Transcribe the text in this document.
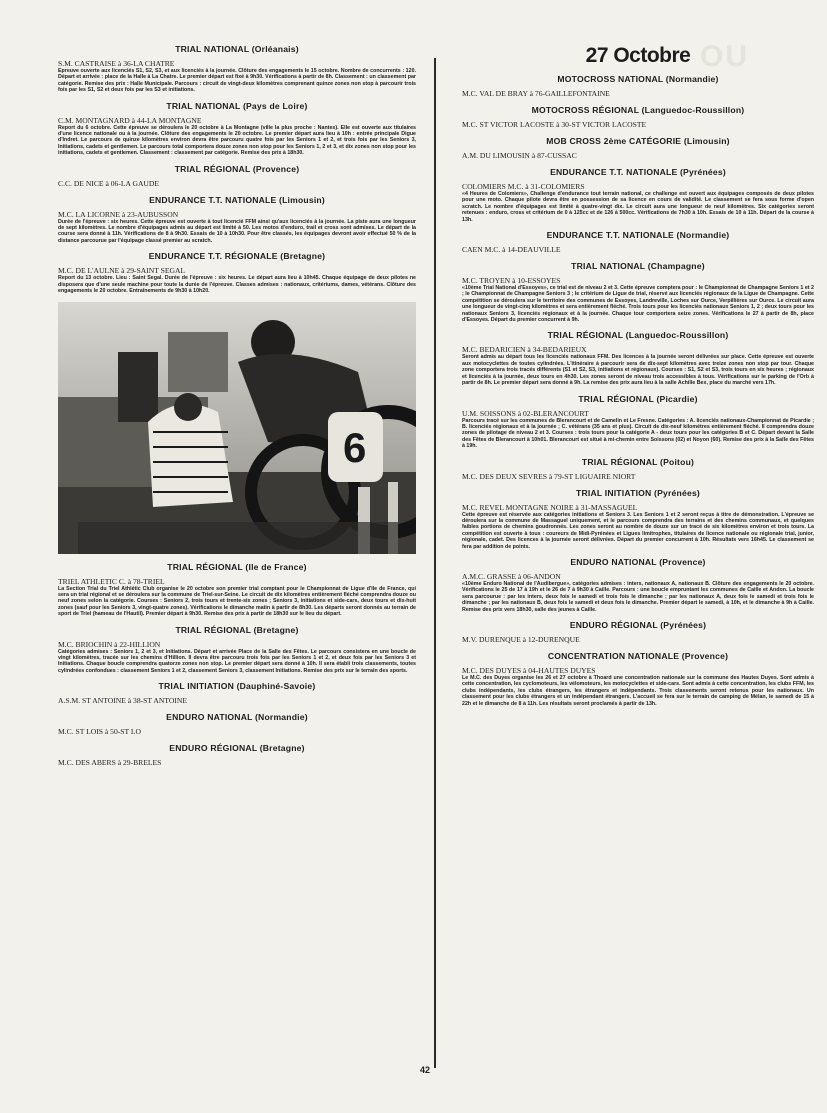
OU
TRIAL NATIONAL (Orléanais)
S.M. CASTRAISE à 36-LA CHATRE
Epreuve ouverte aux licenciés S1, S2, S3, et aux licenciés à la journée. Clôture des engagements le 15 octobre. Nombre de concurrents : 120. Départ et arrivée : place de la Halle à La Chatre. Le premier départ est fixé à 9h30. Vérifications à partir de 8h. Classement : un classement par catégorie. Remise des prix : Halle Municipale. Parcours : circuit de vingt-deux kilomètres comprenant quinze zones non stop à parcourir trois fois par les S1, S2 et deux fois par les S3 et initiations.
TRIAL NATIONAL (Pays de Loire)
C.M. MONTAGNARD à 44-LA MONTAGNE
Report du 6 octobre. Cette épreuve se déroulera le 20 octobre à La Montagne (ville la plus proche : Nantes). Elle est ouverte aux titulaires d'une licence nationale ou à la journée. Clôture des engagements le 20 octobre. Le premier départ aura lieu à 10h : entrée principale Digue d'Indret. Le parcours de quinze kilomètres environ devra être parcouru quatre fois par les Seniors 1 et 2, et trois fois par les Seniors 3, Initiations, cadets et gentlemen. Le parcours total comportera douze zones non stop pour les Seniors 1, 2 et 3, et dix zones non stop pour les initiations, cadets et gentlemen. Classement : classement par catégorie. Remise des prix à 18h30.
TRIAL RÉGIONAL (Provence)
C.C. DE NICE à 06-LA GAUDE
ENDURANCE T.T. NATIONALE (Limousin)
M.C. LA LICORNE à 23-AUBUSSON
Durée de l'épreuve : six heures. Cette épreuve est ouverte à tout licencié FFM ainsi qu'aux licenciés à la journée. La piste aura une longueur de sept kilomètres. Le nombre d'équipages admis au départ est limité à 50. Les motos d'enduro, trail et cross sont admises. Le départ de la course sera donné à 11h. Vérifications de 8 à 9h30. Essais de 10 à 10h30. Pour être classés, les équipages devront avoir effectué 50 % de la distance parcourue par l'équipage classé premier au scratch.
ENDURANCE T.T. RÉGIONALE (Bretagne)
M.C. DE L'AULNE à 29-SAINT SEGAL
Report du 13 octobre. Lieu : Saint Segal. Durée de l'épreuve : six heures. Le départ aura lieu à 10h45. Chaque équipage de deux pilotes ne disposera que d'une seule machine pour toute la durée de l'épreuve. Classes admises : nationaux, critériums, dames, vétérans. Clôture des engagements le 20 octobre. Entraînements de 9h30 à 10h20.
6
TRIAL RÉGIONAL (Ile de France)
TRIEL ATHLETIC C. à 78-TRIEL
La Section Trial du Triel Athlétic Club organise le 20 octobre son premier trial comptant pour le Championnat de Ligue d'Ile de France, qui sera un trial régional et se déroulera sur la commune de Triel-sur-Seine. Le circuit de dix kilomètres entièrement fléché comprendra douze ou neuf zones selon la catégorie. Courses : Seniors 2, trois tours et trente-six zones ; Seniors 3, initiations et side-cars, deux tours et dix-huit zones (sauf pour les Seniors 3, vingt-quatre zones). Vérifications le dimanche matin à partir de 8h30. Les départs seront donnés au terrain de sport de Triel (hameau de l'Hautil). Premier départ à 9h30. Remise des prix à partir de 18h30 sur le lieu du départ.
TRIAL RÉGIONAL (Bretagne)
M.C. BRIOCHIN à 22-HILLION
Catégories admises : Seniors 1, 2 et 3, et Initiations. Départ et arrivée Place de la Salle des Fêtes. Le parcours consistera en une boucle de vingt kilomètres, tracée sur les chemins d'Hillion. Il devra être parcouru trois fois par les Seniors 1 et 2, et deux fois par les Seniors 3 et Initiations. Chaque boucle comprendra quatorze zones non stop. Le premier départ sera donné à 10h. Il sera établi trois classements, toutes cylindrées confondues : classement Seniors 1 et 2, classement Seniors 3, classement Initiations. Remise des prix sur le terrain des sports.
TRIAL INITIATION (Dauphiné-Savoie)
A.S.M. ST ANTOINE à 38-ST ANTOINE
ENDURO NATIONAL (Normandie)
M.C. ST LOIS à 50-ST LO
ENDURO RÉGIONAL (Bretagne)
M.C. DES ABERS à 29-BRELES
27 Octobre
MOTOCROSS NATIONAL (Normandie)
M.C. VAL DE BRAY à 76-GAILLEFONTAINE
MOTOCROSS RÉGIONAL (Languedoc-Roussillon)
M.C. ST VICTOR LACOSTE à 30-ST VICTOR LACOSTE
MOB CROSS 2ème CATÉGORIE (Limousin)
A.M. DU LIMOUSIN à 87-CUSSAC
ENDURANCE T.T. NATIONALE (Pyrénées)
COLOMIERS M.C. à 31-COLOMIERS
«4 Heures de Colomiers», Challenge d'endurance tout terrain national, ce challenge est ouvert aux équipages composés de deux pilotes pour une moto. Chaque pilote devra être en possession de sa licence en cours de validité. Le classement se fera sous forme d'open scratch. Le nombre d'équipages est limité à quatre-vingt dix. Le circuit aura une longueur de neuf kilomètres. Six catégories seront retenues : enduro, cross et critérium de 0 à 125cc et de 126 à 500cc. Vérifications de 7h30 à 10h. Essais de 10 à 11h. Départ de la course à 13h.
ENDURANCE T.T. NATIONALE (Normandie)
CAEN M.C. à 14-DEAUVILLE
TRIAL NATIONAL (Champagne)
M.C. TROYEN à 10-ESSOYES
«10ème Trial National d'Essoyes», ce trial est de niveau 2 et 3. Cette épreuve comptera pour : le Championnat de Champagne Seniors 1 et 2 ; le Championnat de Champagne Seniors 3 ; le critérium de Ligue de trial, réservé aux licenciés régionaux de la Ligue de Champagne. Cette compétition se déroulera sur le territoire des communes de Essoyes, Landreville, Loches sur Ource, Verpillières sur Ource. Le circuit aura une longueur de vingt-cinq kilomètres et sera entièrement fléché. Trois tours pour les licenciés nationaux Seniors 1, 2 ; deux tours pour les nationaux Seniors 3, licenciés régionaux et à la journée. Chaque tour comportera seize zones. Vérifications le 27 à partir de 8h, place d'Essoyes. Départ du premier concurrent à 9h.
TRIAL RÉGIONAL (Languedoc-Roussillon)
M.C. BEDARICIEN à 34-BEDARIEUX
Seront admis au départ tous les licenciés nationaux FFM. Des licences à la journée seront délivrées sur place. Cette épreuve est ouverte aux motocyclettes de toutes cylindrées. L'itinéraire à parcourir sera de dix-sept kilomètres avec treize zones non stop par tour. Chaque zone comportera trois tracés différents (S1 et S2, S3, initiations et régionaux). Courses : S1, S2 et S3, trois tours en six heures ; régionaux et licenciés à la journée, deux tours en 4h30. Les zones seront de niveau trois accessibles à tous. Vérifications sur le parking de l'Orb à partir de 8h. Le premier départ sera donné à 9h. La remise des prix aura lieu à la salle Achille Bex, place du marché vers 17h.
TRIAL RÉGIONAL (Picardie)
U.M. SOISSONS à 02-BLERANCOURT
Parcours tracé sur les communes de Blerancourt et de Camelin et Le Fresne. Catégories : A. licenciés nationaux-Championnat de Picardie ; B. licenciés régionaux et à la journée ; C. vétérans (35 ans et plus). Circuit de dix-neuf kilomètres entièrement fléché. Il comprendra douze zones de pilotage de niveau 2 et 3. Courses : trois tours pour la catégorie A - deux tours pour les catégories B et C. Départ devant la Salle des Fêtes de Blerancourt à 10h01. Blerancourt est situé à mi-chemin entre Soissons (02) et Noyon (60). Remise des prix à la Salle des Fêtes à 19h.
TRIAL RÉGIONAL (Poitou)
M.C. DES DEUX SEVRES à 79-ST LIGUAIRE NIORT
TRIAL INITIATION (Pyrénées)
M.C. REVEL MONTAGNE NOIRE à 31-MASSAGUEL
Cette épreuve est réservée aux catégories initiations et Seniors 3. Les Seniors 1 et 2 seront reçus à titre de démonstration. L'épreuve se déroulera sur la commune de Massaguel uniquement, et le parcours comprendra des terrains et des chemins communaux, et quelques faibles portions de chemins goudronnés. Les zones seront au nombre de douze sur un tracé de six kilomètres environ et trois tours. La compétition est ouverte à tous : coureurs de Midi-Pyrénées et Ligues limitrophes, titulaires de licence nationale ou régionale trial, junior, régionale, cadet. Des licences à la journée seront délivrées. Départ du premier concurrent à 10h. Résultats vers 16h45. Le classement se fera par addition de points.
ENDURO NATIONAL (Provence)
A.M.C. GRASSE à 06-ANDON
«10ème Enduro National de l'Audibergue», catégories admises : inters, nationaux A, nationaux B. Clôture des engagements le 20 octobre. Vérifications le 25 de 17 à 19h et le 26 de 7 à 9h30 à Caille. Parcours : une boucle empruntant les communes de Caille et Andon. La boucle sera parcourue : par les inters, deux fois le samedi et trois fois le dimanche ; par les nationaux A, deux fois le samedi et trois fois le dimanche ; par les nationaux B, deux fois le samedi et deux fois le dimanche. Premier départ le samedi, à 10h, et le dimanche à 9h à Caille. Remise des prix vers 18h30, salle des jeunes à Caille.
ENDURO RÉGIONAL (Pyrénées)
M.V. DURENQUE à 12-DURENQUE
CONCENTRATION NATIONALE (Provence)
M.C. DES DUYES à 04-HAUTES DUYES
Le M.C. des Duyes organise les 26 et 27 octobre à Thoard une concentration nationale sur la commune des Hautes Duyes. Sont admis à cette concentration, les cyclomoteurs, les vélomoteurs, les motocyclettes et side-cars. Sont admis à cette concentration, les clubs FFM, les clubs indépendants, les clubs étrangers, les étrangers et indépendants. Trois classements seront retenus pour les nationaux. Un classement pour les clubs étrangers et un indépendant étrangers. L'accueil se fera sur le terrain de camping de Mélan, le samedi de 15 à 22h et le dimanche de 8 à 11h. Les résultats seront proclamés à partir de 13h.
42
